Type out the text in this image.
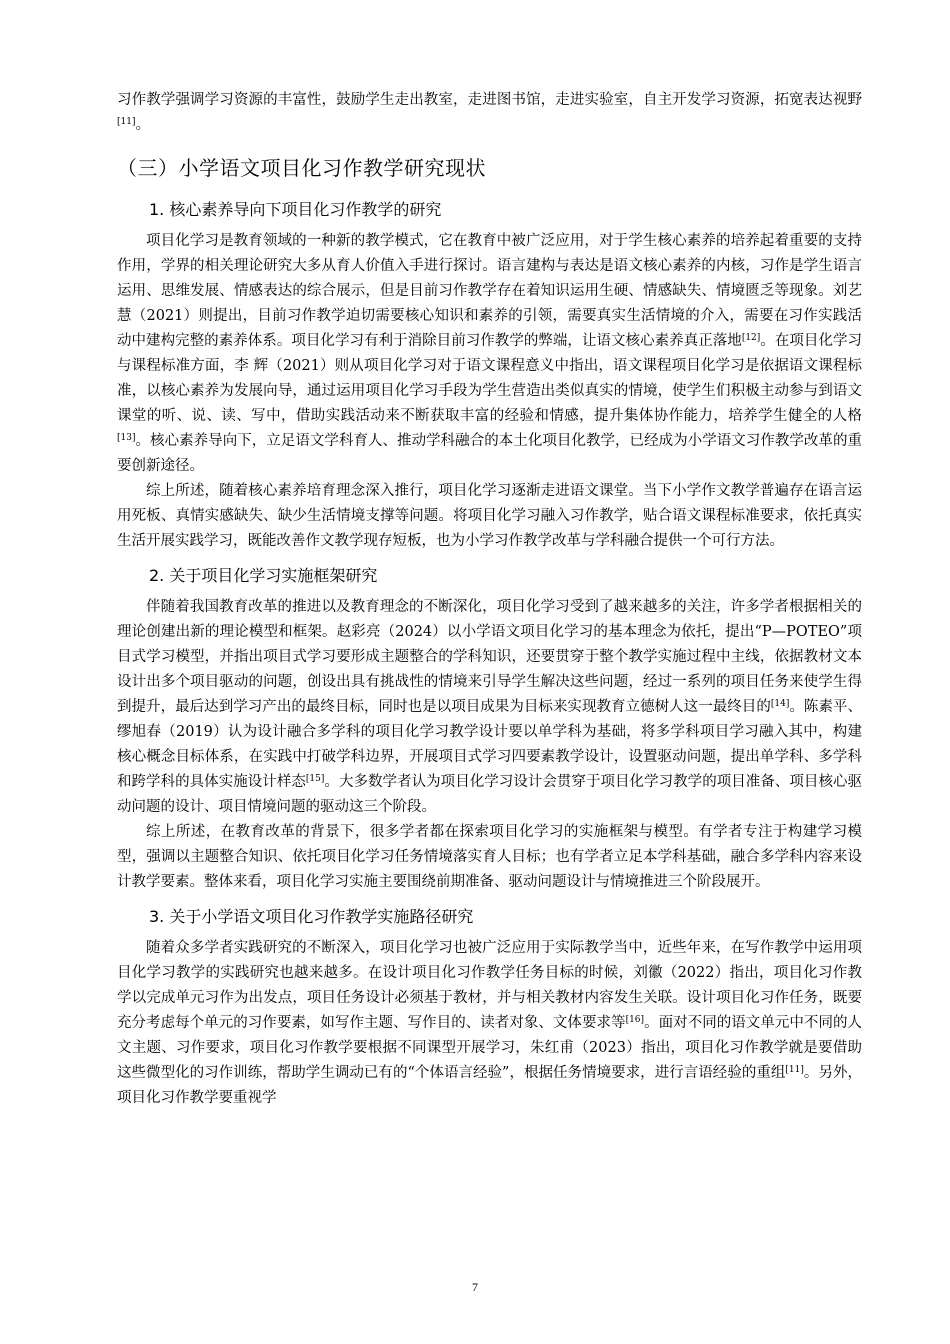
习作教学强调学习资源的丰富性，鼓励学生走出教室，走进图书馆，走进实验室，自主开发学习资源，拓宽表达视野[11]。

（三）小学语文项目化习作教学研究现状
1. 核心素养导向下项目化习作教学的研究

项目化学习是教育领域的一种新的教学模式，它在教育中被广泛应用，对于学生核心素养的培养起着重要的支持作用，学界的相关理论研究大多从育人价值入手进行探讨。语言建构与表达是语文核心素养的内核，习作是学生语言运用、思维发展、情感表达的综合展示，但是目前习作教学存在着知识运用生硬、情感缺失、情境匮乏等现象。刘艺慧（2021）则提出，目前习作教学迫切需要核心知识和素养的引领，需要真实生活情境的介入，需要在习作实践活动中建构完整的素养体系。项目化学习有利于消除目前习作教学的弊端，让语文核心素养真正落地[12]。在项目化学习与课程标准方面，李 辉（2021）则从项目化学习对于语文课程意义中指出，语文课程项目化学习是依据语文课程标准，以核心素养为发展向导，通过运用项目化学习手段为学生营造出类似真实的情境，使学生们积极主动参与到语文课堂的听、说、读、写中，借助实践活动来不断获取丰富的经验和情感，提升集体协作能力，培养学生健全的人格[13]。核心素养导向下，立足语文学科育人、推动学科融合的本土化项目化教学，已经成为小学语文习作教学改革的重要创新途径。

综上所述，随着核心素养培育理念深入推行，项目化学习逐渐走进语文课堂。当下小学作文教学普遍存在语言运用死板、真情实感缺失、缺少生活情境支撑等问题。将项目化学习融入习作教学，贴合语文课程标准要求，依托真实生活开展实践学习，既能改善作文教学现存短板，也为小学习作教学改革与学科融合提供一个可行方法。

2. 关于项目化学习实施框架研究

伴随着我国教育改革的推进以及教育理念的不断深化，项目化学习受到了越来越多的关注，许多学者根据相关的理论创建出新的理论模型和框架。赵彩亮（2024）以小学语文项目化学习的基本理念为依托，提出“P—POTEO”项目式学习模型，并指出项目式学习要形成主题整合的学科知识，还要贯穿于整个教学实施过程中主线，依据教材文本设计出多个项目驱动的问题，创设出具有挑战性的情境来引导学生解决这些问题，经过一系列的项目任务来使学生得到提升，最后达到学习产出的最终目标，同时也是以项目成果为目标来实现教育立德树人这一最终目的[14]。陈素平、缪旭春（2019）认为设计融合多学科的项目化学习教学设计要以单学科为基础，将多学科项目学习融入其中，构建核心概念目标体系，在实践中打破学科边界，开展项目式学习四要素教学设计，设置驱动问题，提出单学科、多学科和跨学科的具体实施设计样态[15]。大多数学者认为项目化学习设计会贯穿于项目化学习教学的项目准备、项目核心驱动问题的设计、项目情境问题的驱动这三个阶段。

综上所述，在教育改革的背景下，很多学者都在探索项目化学习的实施框架与模型。有学者专注于构建学习模型，强调以主题整合知识、依托项目化学习任务情境落实育人目标；也有学者立足本学科基础，融合多学科内容来设计教学要素。整体来看，项目化学习实施主要围绕前期准备、驱动问题设计与情境推进三个阶段展开。

3. 关于小学语文项目化习作教学实施路径研究

随着众多学者实践研究的不断深入，项目化学习也被广泛应用于实际教学当中，近些年来，在写作教学中运用项目化学习教学的实践研究也越来越多。在设计项目化习作教学任务目标的时候，刘徽（2022）指出，项目化习作教学以完成单元习作为出发点，项目任务设计必须基于教材，并与相关教材内容发生关联。设计项目化习作任务，既要充分考虑每个单元的习作要素，如写作主题、写作目的、读者对象、文体要求等[16]。面对不同的语文单元中不同的人文主题、习作要求，项目化习作教学要根据不同课型开展学习，朱红甫（2023）指出，项目化习作教学就是要借助这些微型化的习作训练，帮助学生调动已有的“个体语言经验”，根据任务情境要求，进行言语经验的重组[11]。另外，项目化习作教学要重视学

7
